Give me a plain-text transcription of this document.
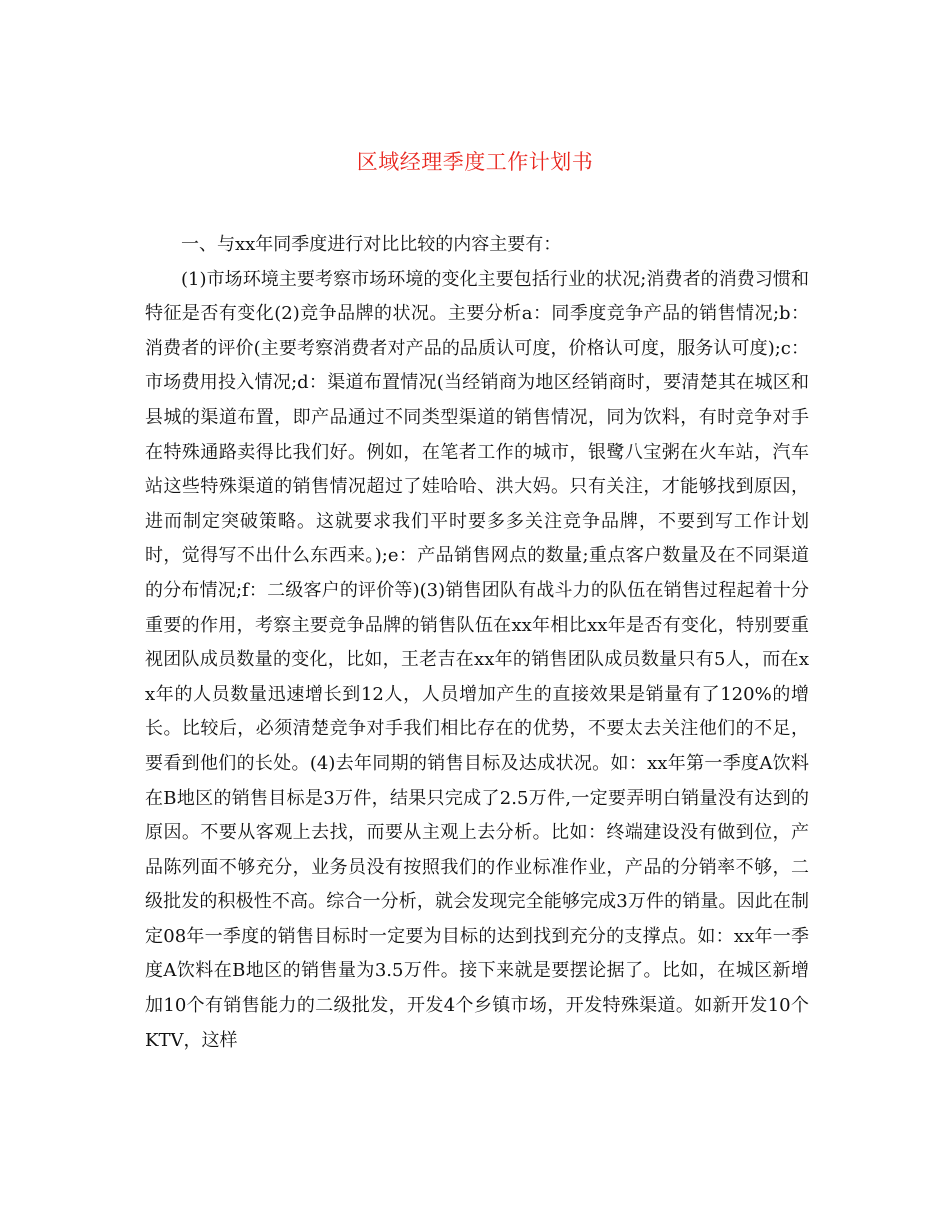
区域经理季度工作计划书

一、与xx年同季度进行对比比较的内容主要有：

(1)市场环境主要考察市场环境的变化主要包括行业的状况;消费者的消费习惯和特征是否有变化(2)竞争品牌的状况。主要分析a：同季度竞争产品的销售情况;b：消费者的评价(主要考察消费者对产品的品质认可度，价格认可度，服务认可度);c：市场费用投入情况;d：渠道布置情况(当经销商为地区经销商时，要清楚其在城区和县城的渠道布置，即产品通过不同类型渠道的销售情况，同为饮料，有时竞争对手在特殊通路卖得比我们好。例如，在笔者工作的城市，银鹭八宝粥在火车站，汽车站这些特殊渠道的销售情况超过了娃哈哈、洪大妈。只有关注，才能够找到原因，进而制定突破策略。这就要求我们平时要多多关注竞争品牌，不要到写工作计划时，觉得写不出什么东西来。);e：产品销售网点的数量;重点客户数量及在不同渠道的分布情况;f：二级客户的评价等)(3)销售团队有战斗力的队伍在销售过程起着十分重要的作用，考察主要竞争品牌的销售队伍在xx年相比xx年是否有变化，特别要重视团队成员数量的变化，比如，王老吉在xx年的销售团队成员数量只有5人，而在xx年的人员数量迅速增长到12人，人员增加产生的直接效果是销量有了120%的增长。比较后，必须清楚竞争对手我们相比存在的优势，不要太去关注他们的不足，要看到他们的长处。(4)去年同期的销售目标及达成状况。如：xx年第一季度A饮料在B地区的销售目标是3万件，结果只完成了2.5万件,一定要弄明白销量没有达到的原因。不要从客观上去找，而要从主观上去分析。比如：终端建设没有做到位，产品陈列面不够充分，业务员没有按照我们的作业标准作业，产品的分销率不够，二级批发的积极性不高。综合一分析，就会发现完全能够完成3万件的销量。因此在制定08年一季度的销售目标时一定要为目标的达到找到充分的支撑点。如：xx年一季度A饮料在B地区的销售量为3.5万件。接下来就是要摆论据了。比如，在城区新增加10个有销售能力的二级批发，开发4个乡镇市场，开发特殊渠道。如新开发10个KTV，这样
